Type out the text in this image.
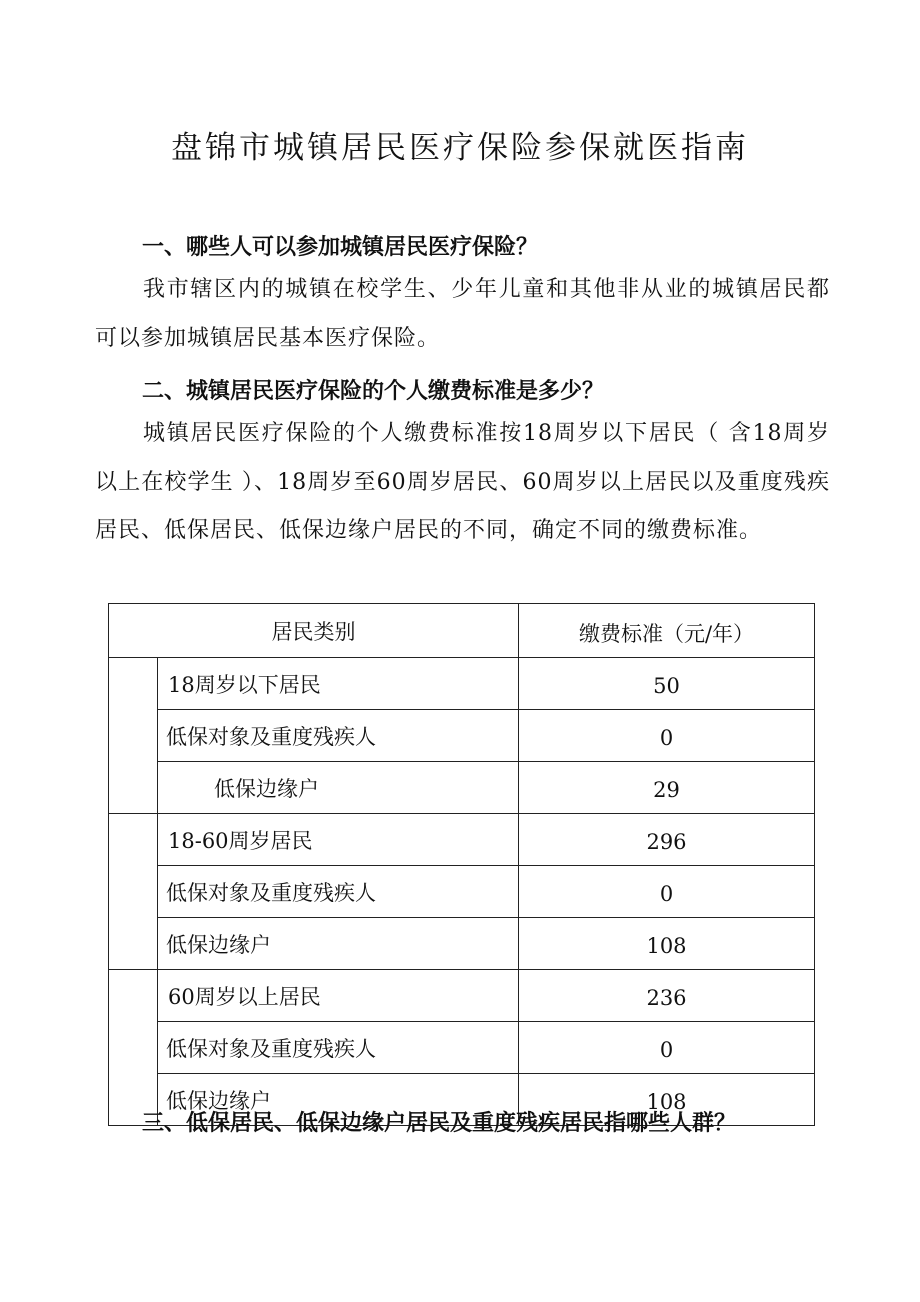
盘锦市城镇居民医疗保险参保就医指南
一、哪些人可以参加城镇居民医疗保险？

我市辖区内的城镇在校学生、少年儿童和其他非从业的城镇居民都可以参加城镇居民基本医疗保险。

二、城镇居民医疗保险的个人缴费标准是多少？

城镇居民医疗保险的个人缴费标准按18周岁以下居民（ 含18周岁以上在校学生 ）、18周岁至60周岁居民、60周岁以上居民以及重度残疾居民、低保居民、低保边缘户居民的不同，确定不同的缴费标准。

居民类别		缴费标准（元/年）
	18周岁以下居民	50
	低保对象及重度残疾人	0
	低保边缘户	29
	18-60周岁居民	296
	低保对象及重度残疾人	0
	低保边缘户	108
	60周岁以上居民	236
	低保对象及重度残疾人	0
	低保边缘户	108
三、低保居民、低保边缘户居民及重度残疾居民指哪些人群？
